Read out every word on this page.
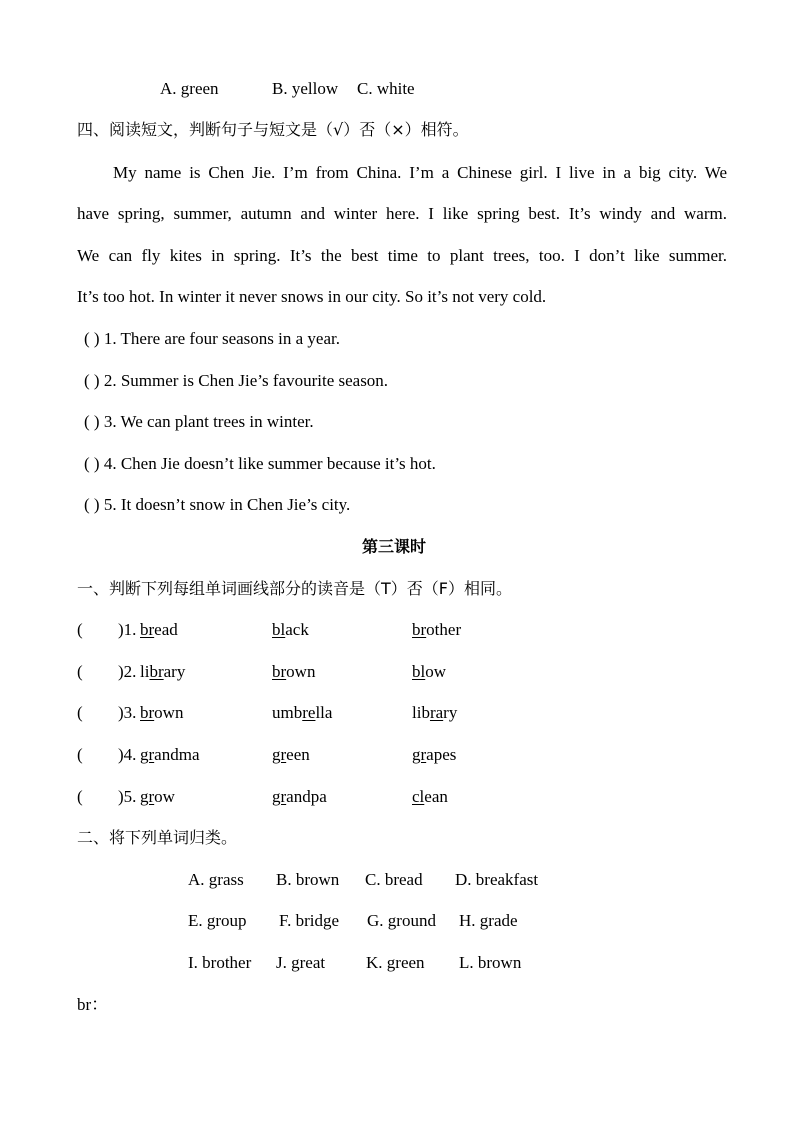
A. green	B. yellow C. white
四、阅读短文，判断句子与短文是（√）否（×）相符。
My name is Chen Jie. I’m from China. I’m a Chinese girl. I live in a big city. We
have spring, summer, autumn and winter here. I like spring best. It’s windy and warm.
We can fly kites in spring. It’s the best time to plant trees, too. I don’t like summer.
It’s too hot. In winter it never snows in our city. So it’s not very cold.
( ) 1. There are four seasons in a year.
( ) 2. Summer is Chen Jie’s favourite season.
( ) 3. We can plant trees in winter.
( ) 4. Chen Jie doesn’t like summer because it’s hot.
( ) 5. It doesn’t snow in Chen Jie’s city.
第三课时
一、判断下列每组单词画线部分的读音是（T）否（F）相同。
( )1. bread	black	brother
( )2. library	brown	blow
( )3. brown	umbrella	library
( )4. grandma	green	grapes
( )5. grow	grandpa	clean
二、将下列单词归类。
A. grass B. brown C. bread D. breakfast
E. group F. bridge G. ground H. grade
I. brother J. great K. green L. brown
br：
